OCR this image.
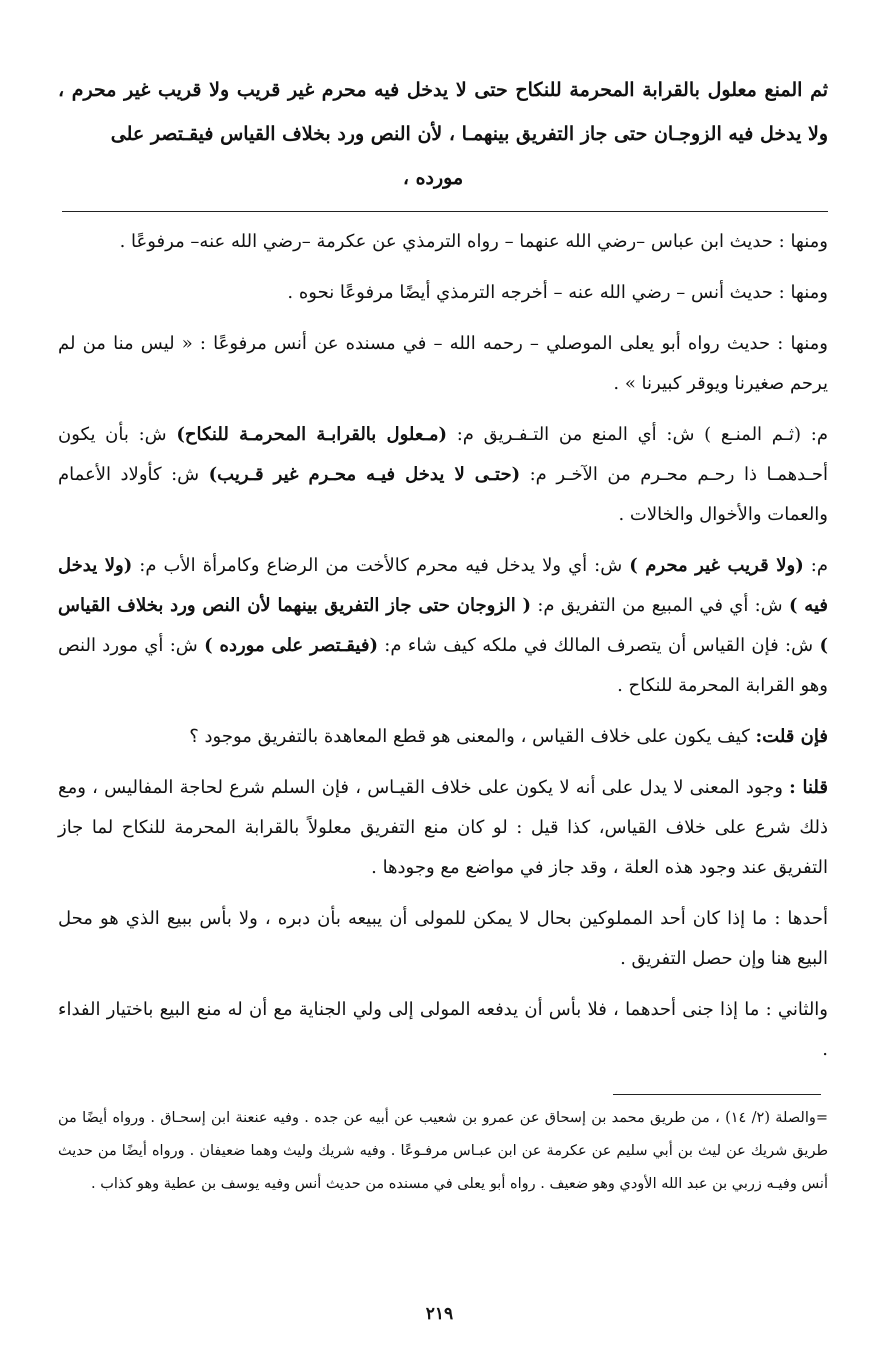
ثم المنع معلول بالقرابة المحرمة للنكاح حتى لا يدخل فيه محرم غير قريب ولا قريب غير محرم ، ولا يدخل فيه الزوجـان حتى جاز التفريق بينهمـا ، لأن النص ورد بخلاف القياس فيقـتصر على
مورده ،

ومنها : حديث ابن عباس –رضي الله عنهما – رواه الترمذي عن عكرمة –رضي الله عنه– مرفوعًا .

ومنها : حديث أنس – رضي الله عنه – أخرجه الترمذي أيضًا مرفوعًا نحوه .

ومنها : حديث رواه أبو يعلى الموصلي – رحمه الله – في مسنده عن أنس مرفوعًا : « ليس منا من لم يرحم صغيرنا ويوقر كبيرنا » .

م: (ثـم المنـع ) ش: أي المنع من التـفـريق م: (مـعلول بالقرابـة المحرمـة للنكاح) ش: بأن يكون أحـدهمـا ذا رحـم محـرم من الآخـر م: (حتـى لا يدخل فيـه محـرم غير قـريب) ش: كأولاد الأعمام والعمات والأخوال والخالات .

م: (ولا قريب غير محرم ) ش: أي ولا يدخل فيه محرم كالأخت من الرضاع وكامرأة الأب م: (ولا يدخل فيه ) ش: أي في المبيع من التفريق م: ( الزوجان حتى جاز التفريق بينهما لأن النص ورد بخلاف القياس ) ش: فإن القياس أن يتصرف المالك في ملكه كيف شاء م: (فيقـتصر على مورده ) ش: أي مورد النص وهو القرابة المحرمة للنكاح .

فإن قلت: كيف يكون على خلاف القياس ، والمعنى هو قطع المعاهدة بالتفريق موجود ؟

قلنا : وجود المعنى لا يدل على أنه لا يكون على خلاف القيـاس ، فإن السلم شرع لحاجة المفاليس ، ومع ذلك شرع على خلاف القياس، كذا قيل : لو كان منع التفريق معلولاً بالقرابة المحرمة للنكاح لما جاز التفريق عند وجود هذه العلة ، وقد جاز في مواضع مع وجودها .

أحدها : ما إذا كان أحد المملوكين بحال لا يمكن للمولى أن يبيعه بأن دبره ، ولا بأس ببيع الذي هو محل البيع هنا وإن حصل التفريق .

والثاني : ما إذا جنى أحدهما ، فلا بأس أن يدفعه المولى إلى ولي الجناية مع أن له منع البيع باختيار الفداء .

=والصلة (٢/ ١٤) ، من طريق محمد بن إسحاق عن عمرو بن شعيب عن أبيه عن جده . وفيه عنعنة ابن إسحـاق . ورواه أيضًا من طريق شريك عن ليث بن أبي سليم عن عكرمة عن ابن عبـاس مرفـوعًا . وفيه شريك وليث وهما ضعيفان . ورواه أيضًا من حديث أنس وفيـه زربي بن عبد الله الأودي وهو ضعيف . رواه أبو يعلى في مسنده من حديث أنس وفيه يوسف بن عطية وهو كذاب .

٢١٩
